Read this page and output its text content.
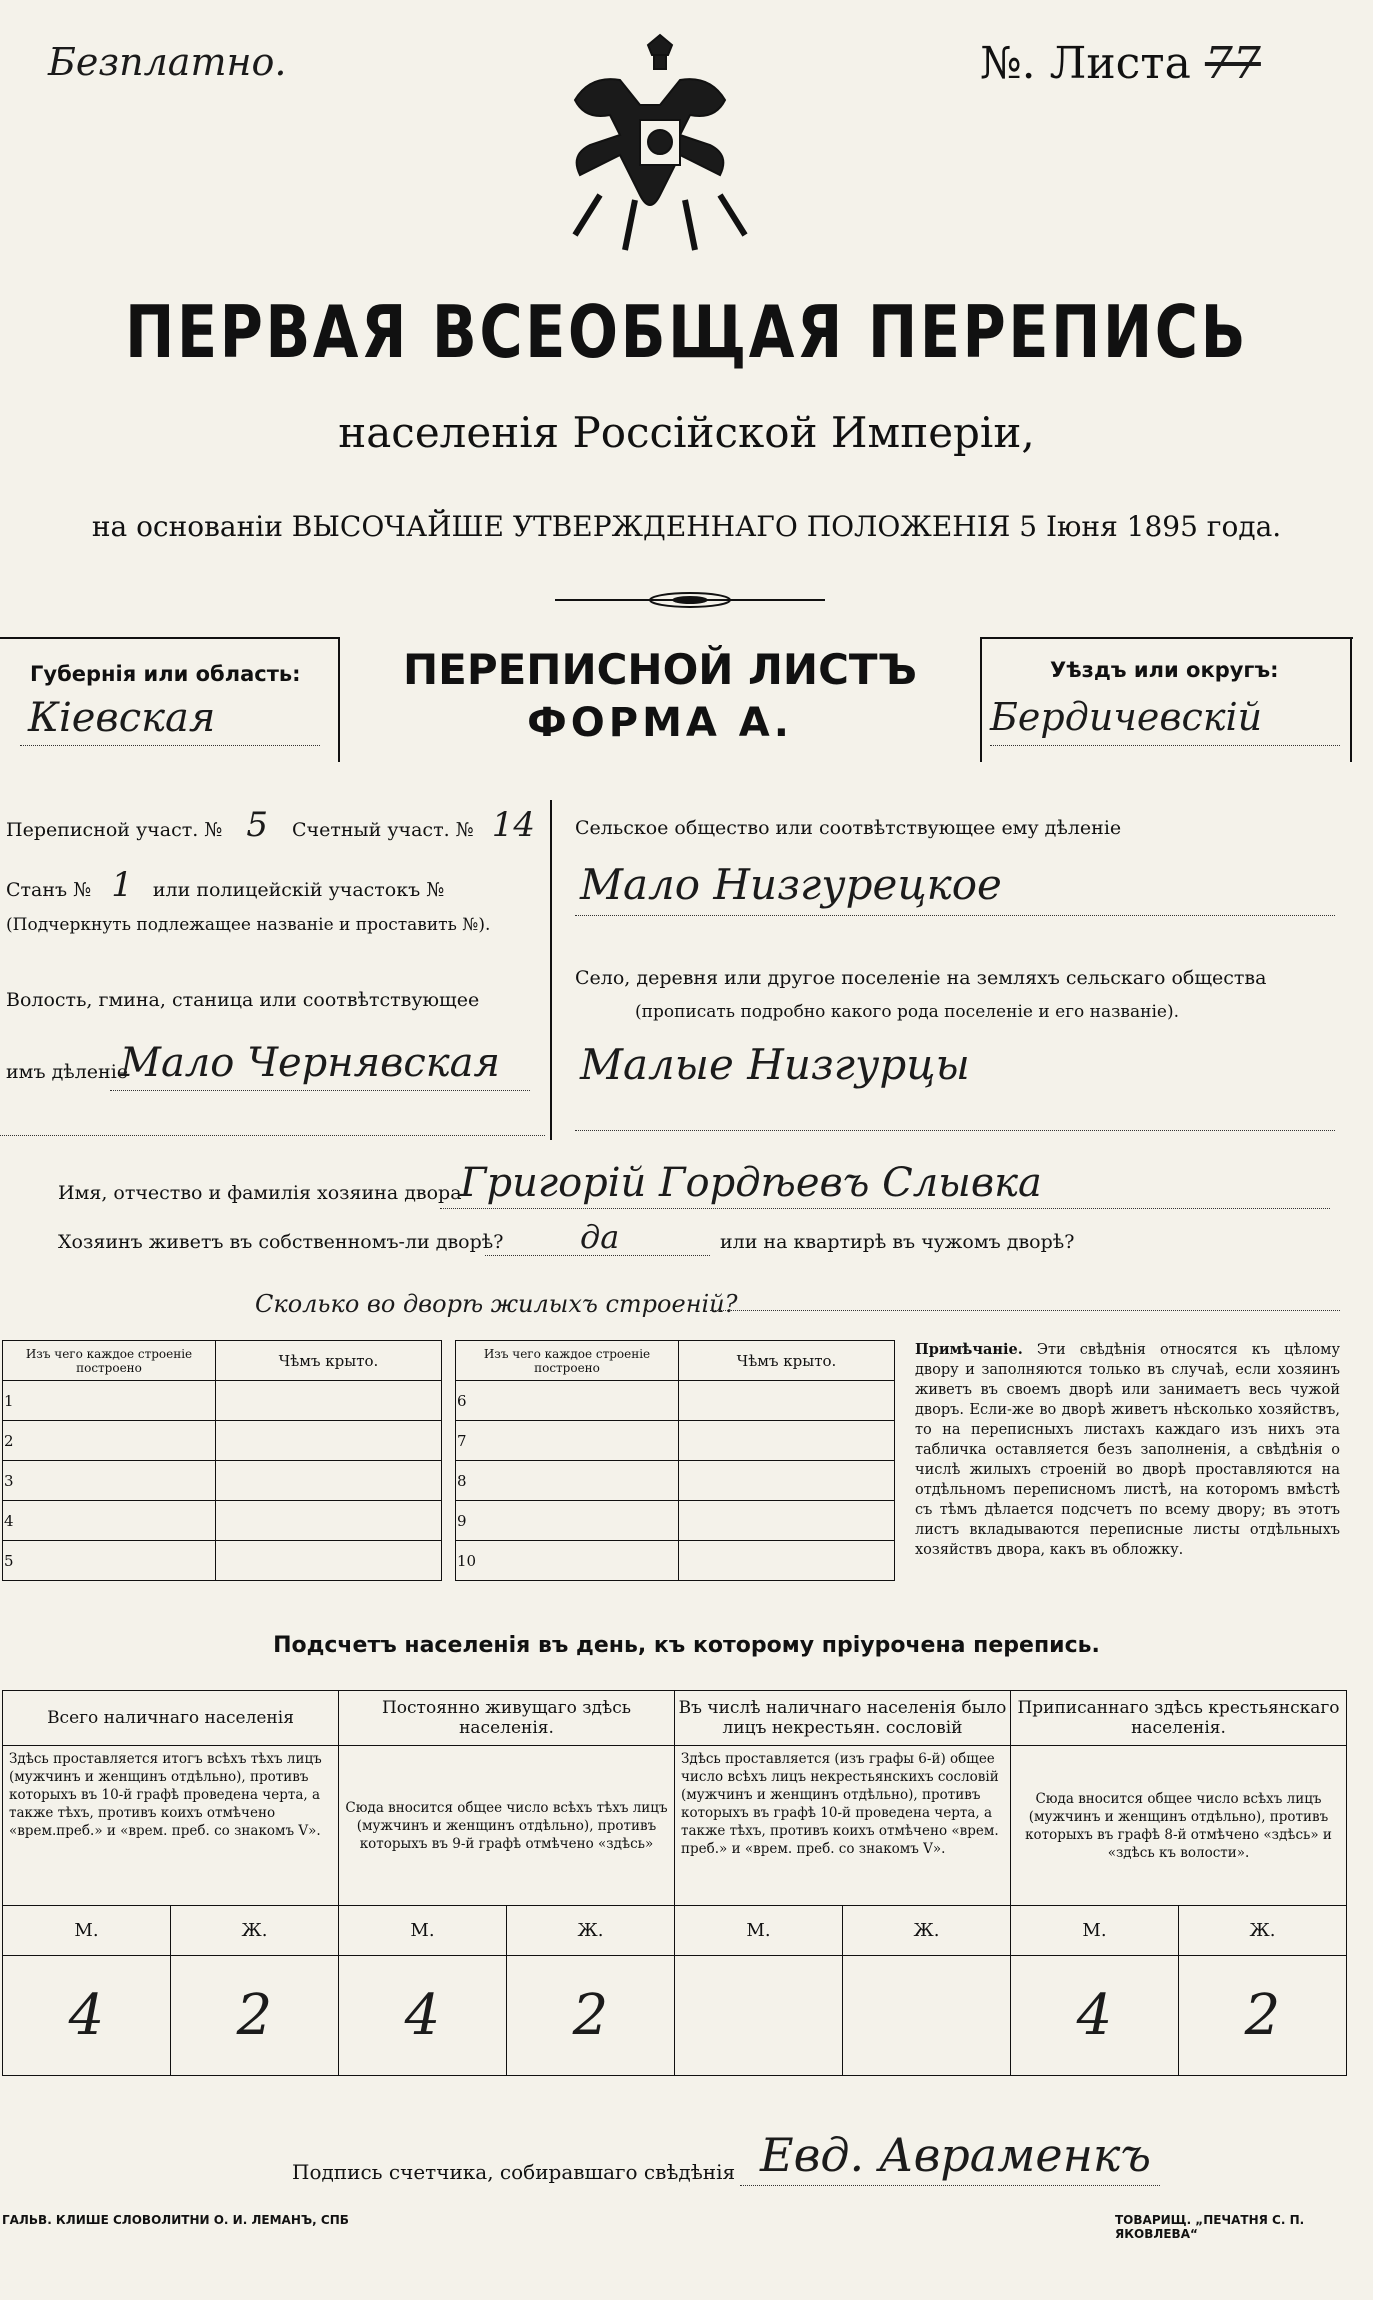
Безплатно.	№. Листа 77
ПЕРВАЯ ВСЕОБЩАЯ ПЕРЕПИСЬ
населенія Россійской Имперіи,
на основаніи ВЫСОЧАЙШЕ УТВЕРЖДЕННАГО ПОЛОЖЕНІЯ 5 Іюня 1895 года.
Губернія или область:
Кіевская
ПЕРЕПИСНОЙ ЛИСТЪ
ФОРМА А.
Уѣздъ или округъ:
Бердичевскій
Переписной участ. № 5 Счетный участ. № 14
Станъ № 1 или полицейскій участокъ №
(Подчеркнуть подлежащее названіе и проставить №).
Волость, гмина, станица или соотвѣтствующее
имъ дѣленіе
Мало Чернявская
Сельское общество или соотвѣтствующее ему дѣленіе
Мало Низгурецкое
Село, деревня или другое поселеніе на земляхъ сельскаго общества
(прописать подробно какого рода поселеніе и его названіе).
Малые Низгурцы
Имя, отчество и фамилія хозяина двора
Григорій Гордѣевъ Слывка
Хозяинъ живетъ въ собственномъ-ли дворѣ? да	или на квартирѣ въ чужомъ дворѣ?
Сколько во дворѣ жилыхъ строеній?
Изъ чего каждое строеніе построено	Чѣмъ крыто.
1	
2	
3	
4	
5	
Изъ чего каждое строеніе построено	Чѣмъ крыто.
6	
7	
8	
9	
10	
Примѣчаніе. Эти свѣдѣнія относятся къ цѣлому двору и заполняются только въ случаѣ, если хозяинъ живетъ въ своемъ дворѣ или занимаетъ весь чужой дворъ. Если-же во дворѣ живетъ нѣсколько хозяйствъ, то на переписныхъ листахъ каждаго изъ нихъ эта табличка оставляется безъ заполненія, а свѣдѣнія о числѣ жилыхъ строеній во дворѣ проставляются на отдѣльномъ переписномъ листѣ, на которомъ вмѣстѣ съ тѣмъ дѣлается подсчетъ по всему двору; въ этотъ листъ вкладываются переписные листы отдѣльныхъ хозяйствъ двора, какъ въ обложку.
Подсчетъ населенія въ день, къ которому пріурочена перепись.
Всего наличнаго населенія		Постоянно живущаго здѣсь населенія.		Въ числѣ наличнаго населенія было лицъ некрестьян. сословій		Приписаннаго здѣсь крестьянскаго населенія.	
Здѣсь проставляется итогъ всѣхъ тѣхъ лицъ (мужчинъ и женщинъ отдѣльно), противъ которыхъ въ 10-й графѣ проведена черта, а также тѣхъ, противъ коихъ отмѣчено «врем.преб.» и «врем. преб. со знакомъ V».		Сюда вносится общее число всѣхъ тѣхъ лицъ (мужчинъ и женщинъ отдѣльно), противъ которыхъ въ 9-й графѣ отмѣчено «здѣсь»		Здѣсь проставляется (изъ графы 6-й) общее число всѣхъ лицъ некрестьянскихъ сословій (мужчинъ и женщинъ отдѣльно), противъ которыхъ въ графѣ 10-й проведена черта, а также тѣхъ, противъ коихъ отмѣчено «врем. преб.» и «врем. преб. со знакомъ V».		Сюда вносится общее число всѣхъ лицъ (мужчинъ и женщинъ отдѣльно), противъ которыхъ въ графѣ 8-й отмѣчено «здѣсь» и «здѣсь къ волости».	
М.	Ж.	М.	Ж.	М.	Ж.	М.	Ж.
4	2	4	2			4	2
Подпись счетчика, собиравшаго свѣдѣнія Евд. Авраменкъ
ГАЛЬВ. КЛИШЕ СЛОВОЛИТНИ О. И. ЛЕМАНЪ, СПБ	ТОВАРИЩ. „ПЕЧАТНЯ С. П. ЯКОВЛЕВА“
